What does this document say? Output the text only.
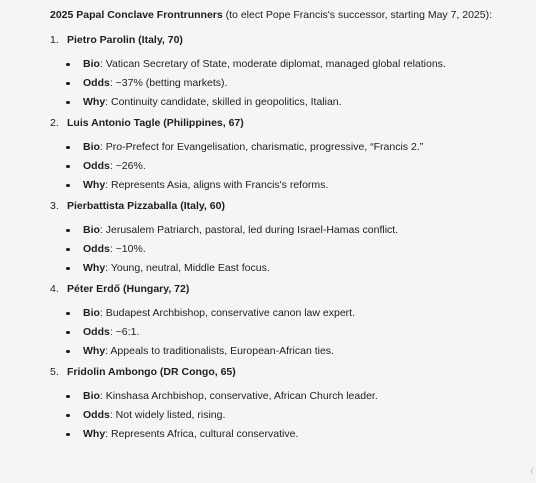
2025 Papal Conclave Frontrunners (to elect Pope Francis's successor, starting May 7, 2025):

1. Pietro Parolin (Italy, 70)
Bio: Vatican Secretary of State, moderate diplomat, managed global relations.
Odds: ~37% (betting markets).
Why: Continuity candidate, skilled in geopolitics, Italian.
2. Luis Antonio Tagle (Philippines, 67)
Bio: Pro-Prefect for Evangelisation, charismatic, progressive, “Francis 2.”
Odds: ~26%.
Why: Represents Asia, aligns with Francis's reforms.
3. Pierbattista Pizzaballa (Italy, 60)
Bio: Jerusalem Patriarch, pastoral, led during Israel-Hamas conflict.
Odds: ~10%.
Why: Young, neutral, Middle East focus.
4. Péter Erdő (Hungary, 72)
Bio: Budapest Archbishop, conservative canon law expert.
Odds: ~6:1.
Why: Appeals to traditionalists, European-African ties.
5. Fridolin Ambongo (DR Congo, 65)
Bio: Kinshasa Archbishop, conservative, African Church leader.
Odds: Not widely listed, rising.
Why: Represents Africa, cultural conservative.
